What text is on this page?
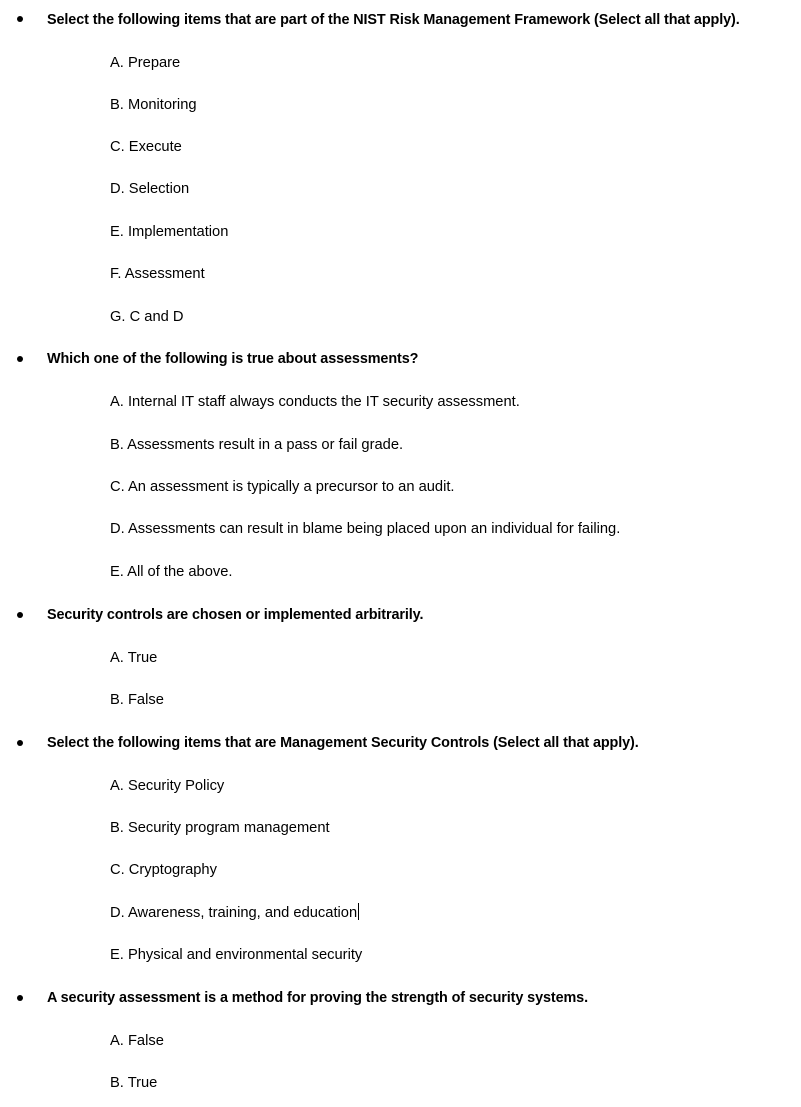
Select the following items that are part of the NIST Risk Management Framework (Select all that apply).
A. Prepare
B. Monitoring
C. Execute
D. Selection
E. Implementation
F. Assessment
G. C and D
Which one of the following is true about assessments?
A. Internal IT staff always conducts the IT security assessment.
B. Assessments result in a pass or fail grade.
C. An assessment is typically a precursor to an audit.
D. Assessments can result in blame being placed upon an individual for failing.
E. All of the above.
Security controls are chosen or implemented arbitrarily.
A. True
B. False
Select the following items that are Management Security Controls (Select all that apply).
A. Security Policy
B. Security program management
C. Cryptography
D. Awareness, training, and education
E. Physical and environmental security
A security assessment is a method for proving the strength of security systems.
A. False
B. True
